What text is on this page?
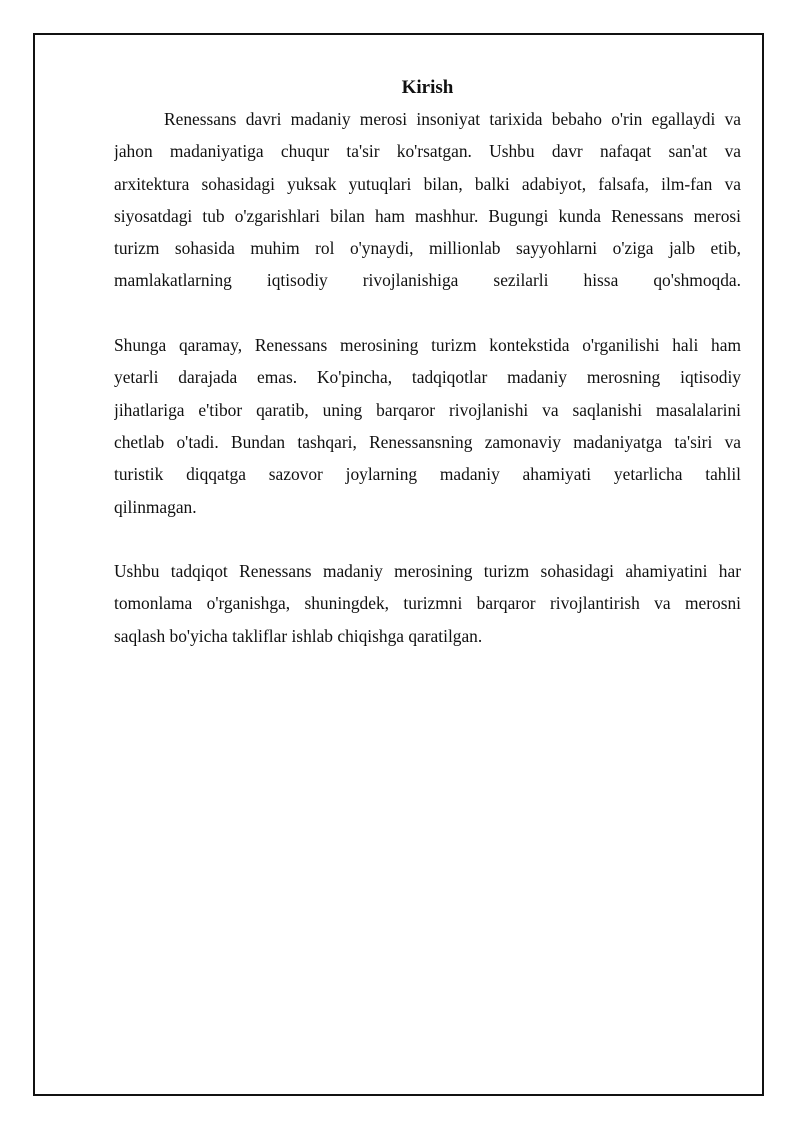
Kirish
Renessans davri madaniy merosi insoniyat tarixida bebaho o'rin egallaydi va
jahon madaniyatiga chuqur ta'sir ko'rsatgan. Ushbu davr nafaqat san'at va
arxitektura sohasidagi yuksak yutuqlari bilan, balki adabiyot, falsafa, ilm-fan va
siyosatdagi tub o'zgarishlari bilan ham mashhur. Bugungi kunda Renessans merosi
turizm sohasida muhim rol o'ynaydi, millionlab sayyohlarni o'ziga jalb etib,
mamlakatlarning iqtisodiy rivojlanishiga sezilarli hissa qo'shmoqda.
Shunga qaramay, Renessans merosining turizm kontekstida o'rganilishi hali ham
yetarli darajada emas. Ko'pincha, tadqiqotlar madaniy merosning iqtisodiy
jihatlariga e'tibor qaratib, uning barqaror rivojlanishi va saqlanishi masalalarini
chetlab o'tadi. Bundan tashqari, Renessansning zamonaviy madaniyatga ta'siri va
turistik diqqatga sazovor joylarning madaniy ahamiyati yetarlicha tahlil
qilinmagan.
Ushbu tadqiqot Renessans madaniy merosining turizm sohasidagi ahamiyatini har
tomonlama o'rganishga, shuningdek, turizmni barqaror rivojlantirish va merosni
saqlash bo'yicha takliflar ishlab chiqishga qaratilgan.
